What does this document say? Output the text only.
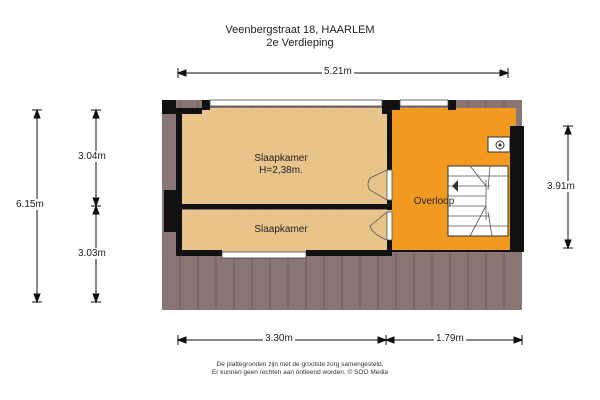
Veenbergstraat 18, HAARLEM
2e Verdieping
5.21m
6.15m
3.04m
3.03m
3.91m
3.30m	1.79m
Slaapkamer
H=2,38m.
Slaapkamer
Overloop
De plattegronden zijn met de grootste zorg samengesteld.
Er kunnen geen rechten aan ontleend worden. © SOO Media
